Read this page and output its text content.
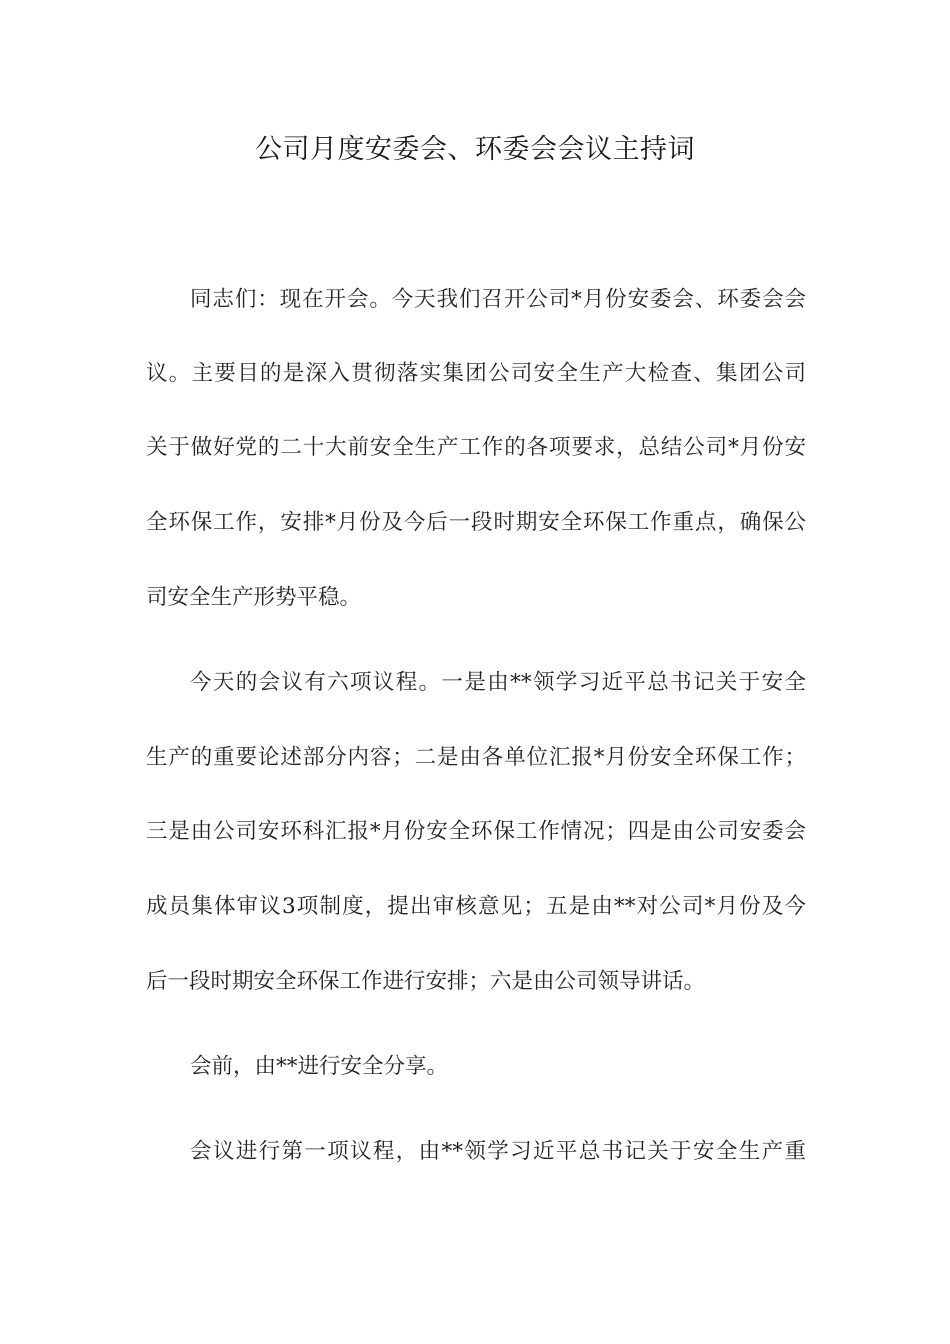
公司月度安委会、环委会会议主持词
同志们：现在开会。今天我们召开公司*月份安委会、环委会会
议。主要目的是深入贯彻落实集团公司安全生产大检查、集团公司
关于做好党的二十大前安全生产工作的各项要求，总结公司*月份安
全环保工作，安排*月份及今后一段时期安全环保工作重点，确保公
司安全生产形势平稳。
今天的会议有六项议程。一是由**领学习近平总书记关于安全
生产的重要论述部分内容；二是由各单位汇报*月份安全环保工作；
三是由公司安环科汇报*月份安全环保工作情况；四是由公司安委会
成员集体审议3项制度，提出审核意见；五是由**对公司*月份及今
后一段时期安全环保工作进行安排；六是由公司领导讲话。
会前，由**进行安全分享。
会议进行第一项议程，由**领学习近平总书记关于安全生产重
